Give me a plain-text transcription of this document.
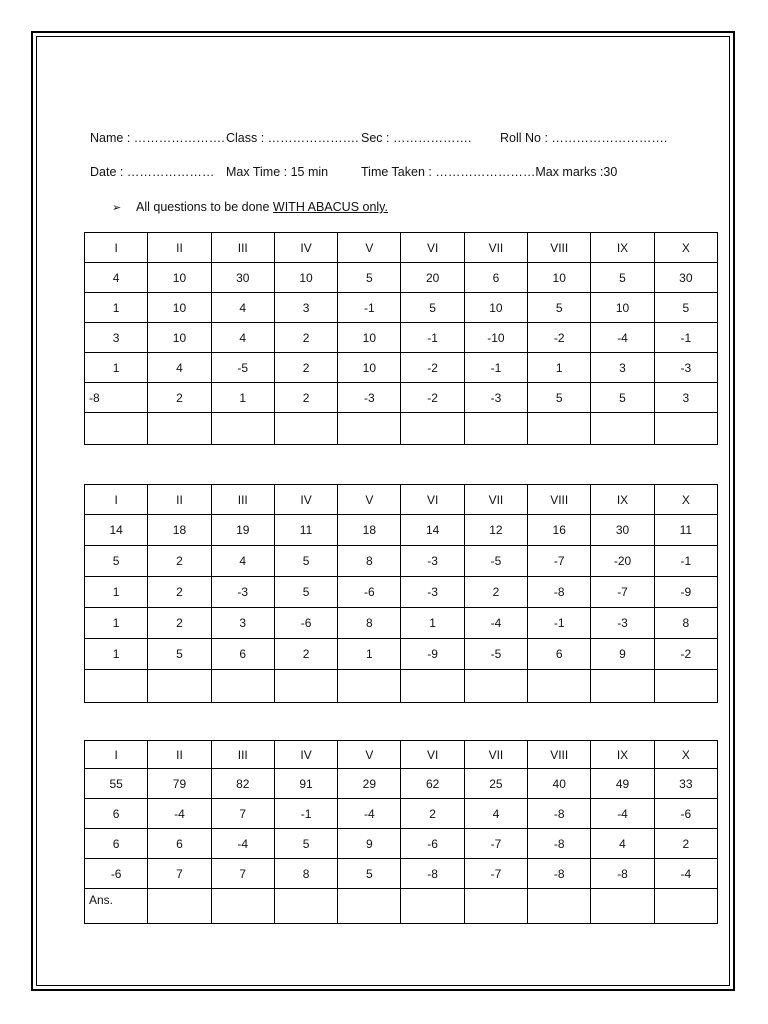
Name : …………………. Class : …………………. Sec : ………………. Roll No : ……………………….
Date : ………………… Max Time : 15 min	Time Taken : ……………………Max marks :30
➢ All questions to be done WITH ABACUS only.
I	II	III	IV	V	VI	VII	VIII	IX	X
4	10	30	10	5	20	6	10	5	30
1	10	4	3	-1	5	10	5	10	5
3	10	4	2	10	-1	-10	-2	-4	-1
1	4	-5	2	10	-2	-1	1	3	-3
-8	2	1	2	-3	-2	-3	5	5	3

I	II	III	IV	V	VI	VII	VIII	IX	X
14	18	19	11	18	14	12	16	30	11
5	2	4	5	8	-3	-5	-7	-20	-1
1	2	-3	5	-6	-3	2	-8	-7	-9
1	2	3	-6	8	1	-4	-1	-3	8
1	5	6	2	1	-9	-5	6	9	-2

I	II	III	IV	V	VI	VII	VIII	IX	X
55	79	82	91	29	62	25	40	49	33
6	-4	7	-1	-4	2	4	-8	-4	-6
6	6	-4	5	9	-6	-7	-8	4	2
-6	7	7	8	5	-8	-7	-8	-8	-4
Ans.									
